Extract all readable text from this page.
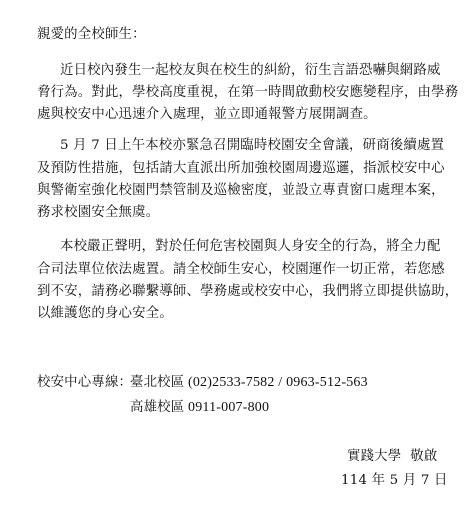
親愛的全校師生：
近日校內發生一起校友與在校生的糾紛，衍生言語恐嚇與網路威
脅行為。對此，學校高度重視，在第一時間啟動校安應變程序，由學務
處與校安中心迅速介入處理，並立即通報警方展開調查。
5 月 7 日上午本校亦緊急召開臨時校園安全會議，研商後續處置
及預防性措施，包括請大直派出所加強校園周邊巡邏，指派校安中心
與警衛室強化校園門禁管制及巡檢密度，並設立專責窗口處理本案，
務求校園安全無虞。
本校嚴正聲明，對於任何危害校園與人身安全的行為，將全力配
合司法單位依法處置。請全校師生安心，校園運作一切正常，若您感
到不安，請務必聯繫導師、學務處或校安中心，我們將立即提供協助，
以維護您的身心安全。
校安中心專線：
臺北校區 (02)2533-7582 / 0963-512-563
高雄校區 0911-007-800
實踐大學  敬啟
114 年 5 月 7 日
